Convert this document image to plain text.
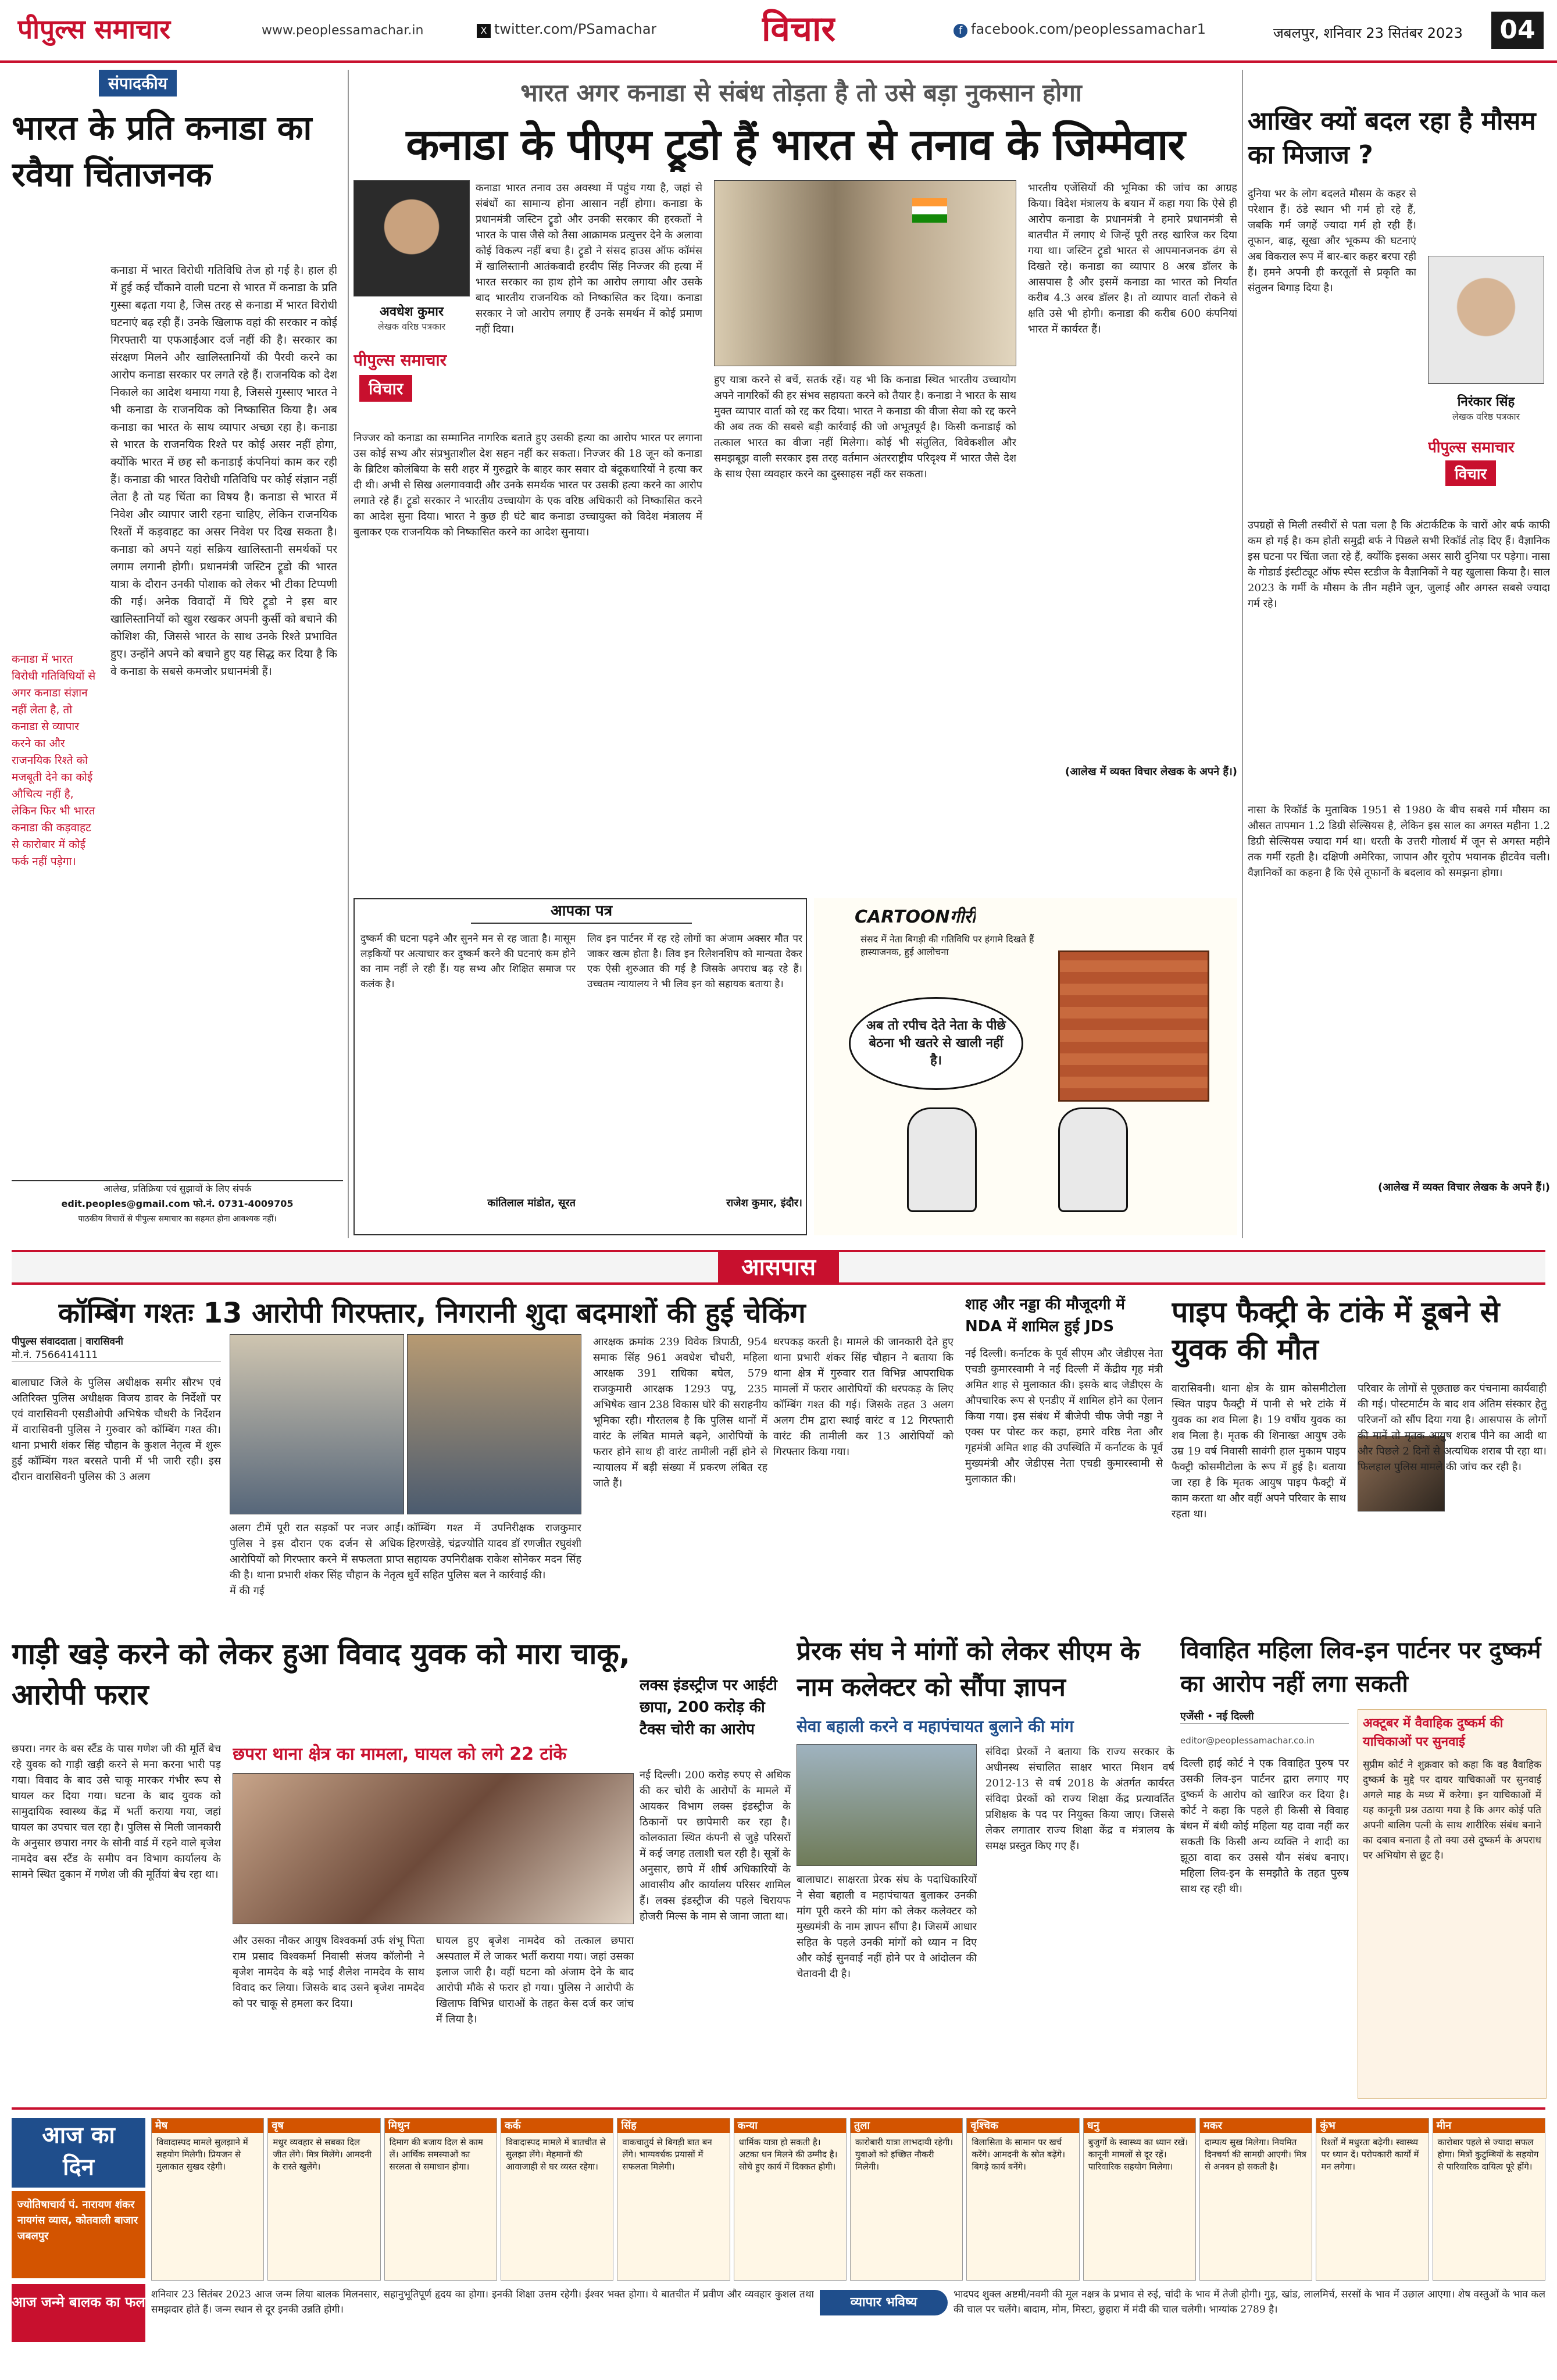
पीपुल्स समाचार	www.peoplessamachar.in	X twitter.com/PSamachar	विचार	f facebook.com/peoplessamachar1	जबलपुर, शनिवार 23 सितंबर 2023	04
संपादकीय
भारत के प्रति कनाडा का रवैया चिंताजनक
कनाडा में भारत विरोधी गतिविधियों से अगर कनाडा संज्ञान नहीं लेता है, तो कनाडा से व्यापार करने का और राजनयिक रिश्ते को मजबूती देने का कोई औचित्य नहीं है, लेकिन फिर भी भारत कनाडा की कड़वाहट से कारोबार में कोई फर्क नहीं पड़ेगा।
कनाडा में भारत विरोधी गतिविधि तेज हो गई है। हाल ही में हुई कई चौंकाने वाली घटना से भारत में कनाडा के प्रति गुस्सा बढ़ता गया है, जिस तरह से कनाडा में भारत विरोधी घटनाएं बढ़ रही हैं। उनके खिलाफ वहां की सरकार न कोई गिरफ्तारी या एफआईआर दर्ज नहीं की है। सरकार का संरक्षण मिलने और खालिस्तानियों की पैरवी करने का आरोप कनाडा सरकार पर लगते रहे हैं। राजनयिक को देश निकाले का आदेश थमाया गया है, जिससे गुस्साए भारत ने भी कनाडा के राजनयिक को निष्कासित किया है। अब कनाडा का भारत के साथ व्यापार अच्छा रहा है। कनाडा से भारत के राजनयिक रिश्ते पर कोई असर नहीं होगा, क्योंकि भारत में छह सौ कनाडाई कंपनियां काम कर रही हैं। कनाडा की भारत विरोधी गतिविधि पर कोई संज्ञान नहीं लेता है तो यह चिंता का विषय है। कनाडा से भारत में निवेश और व्यापार जारी रहना चाहिए, लेकिन राजनयिक रिश्तों में कड़वाहट का असर निवेश पर दिख सकता है। कनाडा को अपने यहां सक्रिय खालिस्तानी समर्थकों पर लगाम लगानी होगी। प्रधानमंत्री जस्टिन ट्रूडो की भारत यात्रा के दौरान उनकी पोशाक को लेकर भी टीका टिप्पणी की गई। अनेक विवादों में घिरे ट्रूडो ने इस बार खालिस्तानियों को खुश रखकर अपनी कुर्सी को बचाने की कोशिश की, जिससे भारत के साथ उनके रिश्ते प्रभावित हुए। उन्होंने अपने को बचाने हुए यह सिद्ध कर दिया है कि वे कनाडा के सबसे कमजोर प्रधानमंत्री हैं।
आलेख, प्रतिक्रिया एवं सुझावों के लिए संपर्क
edit.peoples@gmail.com फो.नं. 0731-4009705
पाठकीय विचारों से पीपुल्स समाचार का सहमत होना आवश्यक नहीं।
भारत अगर कनाडा से संबंध तोड़ता है तो उसे बड़ा नुकसान होगा
कनाडा के पीएम ट्रूडो हैं भारत से तनाव के जिम्मेवार
अवधेश कुमार
लेखक वरिष्ठ पत्रकार
पीपुल्स समाचार
विचार
कनाडा भारत तनाव उस अवस्था में पहुंच गया है, जहां से संबंधों का सामान्य होना आसान नहीं होगा। कनाडा के प्रधानमंत्री जस्टिन ट्रूडो और उनकी सरकार की हरकतों ने भारत के पास जैसे को तैसा आक्रामक प्रत्युत्तर देने के अलावा कोई विकल्प नहीं बचा है। ट्रूडो ने संसद हाउस ऑफ कॉमंस में खालिस्तानी आतंकवादी हरदीप सिंह निज्जर की हत्या में भारत सरकार का हाथ होने का आरोप लगाया और उसके बाद भारतीय राजनयिक को निष्कासित कर दिया। कनाडा सरकार ने जो आरोप लगाए हैं उनके समर्थन में कोई प्रमाण नहीं दिया।
निज्जर को कनाडा का सम्मानित नागरिक बताते हुए उसकी हत्या का आरोप भारत पर लगाना उस कोई सभ्य और संप्रभुताशील देश सहन नहीं कर सकता। निज्जर की 18 जून को कनाडा के ब्रिटिश कोलंबिया के सरी शहर में गुरुद्वारे के बाहर कार सवार दो बंदूकधारियों ने हत्या कर दी थी। अभी से सिख अलगाववादी और उनके समर्थक भारत पर उसकी हत्या करने का आरोप लगाते रहे हैं। ट्रूडो सरकार ने भारतीय उच्चायोग के एक वरिष्ठ अधिकारी को निष्कासित करने का आदेश सुना दिया। भारत ने कुछ ही घंटे बाद कनाडा उच्चायुक्त को विदेश मंत्रालय में बुलाकर एक राजनयिक को निष्कासित करने का आदेश सुनाया।
हुए यात्रा करने से बचें, सतर्क रहें। यह भी कि कनाडा स्थित भारतीय उच्चायोग अपने नागरिकों की हर संभव सहायता करने को तैयार है। कनाडा ने भारत के साथ मुक्त व्यापार वार्ता को रद्द कर दिया। भारत ने कनाडा की वीजा सेवा को रद्द करने की अब तक की सबसे बड़ी कार्रवाई की जो अभूतपूर्व है। किसी कनाडाई को तत्काल भारत का वीजा नहीं मिलेगा। कोई भी संतुलित, विवेकशील और समझबूझ वाली सरकार इस तरह वर्तमान अंतरराष्ट्रीय परिदृश्य में भारत जैसे देश के साथ ऐसा व्यवहार करने का दुस्साहस नहीं कर सकता।
भारतीय एजेंसियों की भूमिका की जांच का आग्रह किया। विदेश मंत्रालय के बयान में कहा गया कि ऐसे ही आरोप कनाडा के प्रधानमंत्री ने हमारे प्रधानमंत्री से बातचीत में लगाए थे जिन्हें पूरी तरह खारिज कर दिया गया था। जस्टिन ट्रूडो भारत से आपमानजनक ढंग से दिखते रहे। कनाडा का व्यापार 8 अरब डॉलर के आसपास है और इसमें कनाडा का भारत को निर्यात करीब 4.3 अरब डॉलर है। तो व्यापार वार्ता रोकने से क्षति उसे भी होगी। कनाडा की करीब 600 कंपनियां भारत में कार्यरत हैं।
(आलेख में व्यक्त विचार लेखक के अपने हैं।)
आपका पत्र
दुष्कर्म की घटना पढ़ने और सुनने मन से रह जाता है। मासूम लड़कियों पर अत्याचार कर दुष्कर्म करने की घटनाएं कम होने का नाम नहीं ले रही हैं। यह सभ्य और शिक्षित समाज पर कलंक है।
कांतिलाल मांडोत, सूरत
लिव इन पार्टनर में रह रहे लोगों का अंजाम अक्सर मौत पर जाकर खत्म होता है। लिव इन रिलेशनशिप को मान्यता देकर एक ऐसी शुरुआत की गई है जिसके अपराध बढ़ रहे हैं। उच्चतम न्यायालय ने भी लिव इन को सहायक बताया है।
राजेश कुमार, इंदौर।
CARTOONगीरी
संसद में नेता बिगड़ी की गतिविधि पर हंगामे दिखते हैं हास्याजनक, हुई आलोचना
अब तो रपीच देते नेता के पीछे बेठना भी खतरे से खाली नहीं है।
आखिर क्यों बदल रहा है मौसम का मिजाज ?
दुनिया भर के लोग बदलते मौसम के कहर से परेशान हैं। ठंडे स्थान भी गर्म हो रहे हैं, जबकि गर्म जगहें ज्यादा गर्म हो रही हैं। तूफान, बाढ़, सूखा और भूकम्प की घटनाएं अब विकराल रूप में बार-बार कहर बरपा रही हैं। हमने अपनी ही करतूतों से प्रकृति का संतुलन बिगाड़ दिया है।
निरंकार सिंह
लेखक वरिष्ठ पत्रकार
पीपुल्स समाचार
विचार
उपग्रहों से मिली तस्वीरों से पता चला है कि अंटार्कटिक के चारों ओर बर्फ काफी कम हो गई है। कम होती समुद्री बर्फ ने पिछले सभी रिकॉर्ड तोड़ दिए हैं। वैज्ञानिक इस घटना पर चिंता जता रहे हैं, क्योंकि इसका असर सारी दुनिया पर पड़ेगा। नासा के गोडार्ड इंस्टीट्यूट ऑफ स्पेस स्टडीज के वैज्ञानिकों ने यह खुलासा किया है। साल 2023 के गर्मी के मौसम के तीन महीने जून, जुलाई और अगस्त सबसे ज्यादा गर्म रहे।
नासा के रिकॉर्ड के मुताबिक 1951 से 1980 के बीच सबसे गर्म मौसम का औसत तापमान 1.2 डिग्री सेल्सियस है, लेकिन इस साल का अगस्त महीना 1.2 डिग्री सेल्सियस ज्यादा गर्म था। धरती के उत्तरी गोलार्ध में जून से अगस्त महीने तक गर्मी रहती है। दक्षिणी अमेरिका, जापान और यूरोप भयानक हीटवेव चली। वैज्ञानिकों का कहना है कि ऐसे तूफानों के बदलाव को समझना होगा।
(आलेख में व्यक्त विचार लेखक के अपने हैं।)
आसपास
कॉम्बिंग गश्तः 13 आरोपी गिरफ्तार, निगरानी शुदा बदमाशों की हुई चेकिंग
पीपुल्स संवाददाता | वारासिवनी
मो.नं. 7566414111
बालाघाट जिले के पुलिस अधीक्षक समीर सौरभ एवं अतिरिक्त पुलिस अधीक्षक विजय डावर के निर्देशों पर एवं वारासिवनी एसडीओपी अभिषेक चौधरी के निर्देशन में वारासिवनी पुलिस ने गुरुवार को कॉम्बिंग गश्त की। थाना प्रभारी शंकर सिंह चौहान के कुशल नेतृत्व में शुरू हुई कॉम्बिंग गश्त बरसते पानी में भी जारी रही। इस दौरान वारासिवनी पुलिस की 3 अलग
अलग टीमें पूरी रात सड़कों पर नजर आईं। पुलिस ने इस दौरान एक दर्जन से अधिक आरोपियों को गिरफ्तार करने में सफलता प्राप्त की है। थाना प्रभारी शंकर सिंह चौहान के नेतृत्व में की गई
कॉम्बिंग गश्त में उपनिरीक्षक राजकुमार हिरणखेड़े, चंद्रज्योति यादव डॉ रणजीत रघुवंशी सहायक उपनिरीक्षक राकेश सोनेकर मदन सिंह धुर्वे सहित पुलिस बल ने कार्रवाई की।
आरक्षक क्रमांक 239 विवेक त्रिपाठी, 954 समाक सिंह 961 अवधेश चौधरी, महिला आरक्षक 391 राधिका बघेल, 579 राजकुमारी आरक्षक 1293 पपू, 235 अभिषेक खान 238 विकास घोरे की सराहनीय भूमिका रही। गौरतलब है कि पुलिस थानों में वारंट के लंबित मामले बढ़ने, आरोपियों के फरार होने साथ ही वारंट तामीली नहीं होने से न्यायालय में बड़ी संख्या में प्रकरण लंबित रह जाते हैं।
धरपकड़ करती है। मामले की जानकारी देते हुए थाना प्रभारी शंकर सिंह चौहान ने बताया कि थाना क्षेत्र में गुरुवार रात विभिन्न आपराधिक मामलों में फरार आरोपियों की धरपकड़ के लिए कॉम्बिंग गश्त की गई। जिसके तहत 3 अलग अलग टीम द्वारा स्थाई वारंट व 12 गिरफ्तारी वारंट की तामीली कर 13 आरोपियों को गिरफ्तार किया गया।
शाह और नड्डा की मौजूदगी में NDA में शामिल हुई JDS
नई दिल्ली। कर्नाटक के पूर्व सीएम और जेडीएस नेता एचडी कुमारस्वामी ने नई दिल्ली में केंद्रीय गृह मंत्री अमित शाह से मुलाकात की। इसके बाद जेडीएस के औपचारिक रूप से एनडीए में शामिल होने का ऐलान किया गया। इस संबंध में बीजेपी चीफ जेपी नड्डा ने एक्स पर पोस्ट कर कहा, हमारे वरिष्ठ नेता और गृहमंत्री अमित शाह की उपस्थिति में कर्नाटक के पूर्व मुख्यमंत्री और जेडीएस नेता एचडी कुमारस्वामी से मुलाकात की।
पाइप फैक्ट्री के टांके में डूबने से युवक की मौत
वारासिवनी। थाना क्षेत्र के ग्राम कोसमीटोला स्थित पाइप फैक्ट्री में पानी से भरे टांके में युवक का शव मिला है। 19 वर्षीय युवक का शव मिला है। मृतक की शिनाख्त आयुष उके उम्र 19 वर्ष निवासी सावंगी हाल मुकाम पाइप फैक्ट्री कोसमीटोला के रूप में हुई है। बताया जा रहा है कि मृतक आयुष पाइप फैक्ट्री में काम करता था और वहीं अपने परिवार के साथ रहता था।
परिवार के लोगों से पूछताछ कर पंचनामा कार्यवाही की गई। पोस्टमार्टम के बाद शव अंतिम संस्कार हेतु परिजनों को सौंप दिया गया है। आसपास के लोगों की मानें तो मृतक आयुष शराब पीने का आदी था और पिछले 2 दिनों से अत्यधिक शराब पी रहा था। फिलहाल पुलिस मामले की जांच कर रही है।
गाड़ी खड़े करने को लेकर हुआ विवाद युवक को मारा चाकू, आरोपी फरार
छपरा थाना क्षेत्र का मामला, घायल को लगे 22 टांके
छपरा। नगर के बस स्टैंड के पास गणेश जी की मूर्ति बेच रहे युवक को गाड़ी खड़ी करने से मना करना भारी पड़ गया। विवाद के बाद उसे चाकू मारकर गंभीर रूप से घायल कर दिया गया। घटना के बाद युवक को सामुदायिक स्वास्थ्य केंद्र में भर्ती कराया गया, जहां घायल का उपचार चल रहा है। पुलिस से मिली जानकारी के अनुसार छपारा नगर के सोनी वार्ड में रहने वाले बृजेश नामदेव बस स्टैंड के समीप वन विभाग कार्यालय के सामने स्थित दुकान में गणेश जी की मूर्तियां बेच रहा था।
और उसका नौकर आयुष विश्वकर्मा उर्फ शंभू पिता राम प्रसाद विश्वकर्मा निवासी संजय कॉलोनी ने बृजेश नामदेव के बड़े भाई शैलेश नामदेव के साथ विवाद कर लिया। जिसके बाद उसने बृजेश नामदेव को पर चाकू से हमला कर दिया।
घायल हुए बृजेश नामदेव को तत्काल छपारा अस्पताल में ले जाकर भर्ती कराया गया। जहां उसका इलाज जारी है। वहीं घटना को अंजाम देने के बाद आरोपी मौके से फरार हो गया। पुलिस ने आरोपी के खिलाफ विभिन्न धाराओं के तहत केस दर्ज कर जांच में लिया है।
लक्स इंडस्ट्रीज पर आईटी छापा, 200 करोड़ की टैक्स चोरी का आरोप
नई दिल्ली। 200 करोड़ रुपए से अधिक की कर चोरी के आरोपों के मामले में आयकर विभाग लक्स इंडस्ट्रीज के ठिकानों पर छापेमारी कर रहा है। कोलकाता स्थित कंपनी से जुड़े परिसरों में कई जगह तलाशी चल रही है। सूत्रों के अनुसार, छापे में शीर्ष अधिकारियों के आवासीय और कार्यालय परिसर शामिल हैं। लक्स इंडस्ट्रीज की पहले चिरायफ होजरी मिल्स के नाम से जाना जाता था।
प्रेरक संघ ने मांगों को लेकर सीएम के नाम कलेक्टर को सौंपा ज्ञापन
सेवा बहाली करने व महापंचायत बुलाने की मांग
बालाघाट। साक्षरता प्रेरक संघ के पदाधिकारियों ने सेवा बहाली व महापंचायत बुलाकर उनकी मांग पूरी करने की मांग को लेकर कलेक्टर को मुख्यमंत्री के नाम ज्ञापन सौंपा है। जिसमें आधार सहित के पहले उनकी मांगों को ध्यान न दिए और कोई सुनवाई नहीं होने पर वे आंदोलन की चेतावनी दी है।
संविदा प्रेरकों ने बताया कि राज्य सरकार के अधीनस्थ संचालित साक्षर भारत मिशन वर्ष 2012-13 से वर्ष 2018 के अंतर्गत कार्यरत संविदा प्रेरकों को राज्य शिक्षा केंद्र प्रत्यावर्तित प्रशिक्षक के पद पर नियुक्त किया जाए। जिससे लेकर लगातार राज्य शिक्षा केंद्र व मंत्रालय के समक्ष प्रस्तुत किए गए हैं।
विवाहित महिला लिव-इन पार्टनर पर दुष्कर्म का आरोप नहीं लगा सकती
एजेंसी • नई दिल्ली
editor@peoplessamachar.co.in
दिल्ली हाई कोर्ट ने एक विवाहित पुरुष पर उसकी लिव-इन पार्टनर द्वारा लगाए गए दुष्कर्म के आरोप को खारिज कर दिया है। कोर्ट ने कहा कि पहले ही किसी से विवाह बंधन में बंधी कोई महिला यह दावा नहीं कर सकती कि किसी अन्य व्यक्ति ने शादी का झूठा वादा कर उससे यौन संबंध बनाए। महिला लिव-इन के समझौते के तहत पुरुष साथ रह रही थी।
अक्टूबर में वैवाहिक दुष्कर्म की याचिकाओं पर सुनवाई
सुप्रीम कोर्ट ने शुक्रवार को कहा कि वह वैवाहिक दुष्कर्म के मुद्दे पर दायर याचिकाओं पर सुनवाई अगले माह के मध्य में करेगा। इन याचिकाओं में यह कानूनी प्रश्न उठाया गया है कि अगर कोई पति अपनी बालिग पत्नी के साथ शारीरिक संबंध बनाने का दबाव बनाता है तो क्या उसे दुष्कर्म के अपराध पर अभियोग से छूट है।
आज का
दिन
ज्योतिषाचार्य पं. नारायण शंकर नायगंस व्यास, कोतवाली बाजार जबलपुर
मेष
विवादास्पद मामले सुलझाने में सहयोग मिलेगी। प्रियजन से मुलाकात सुखद रहेगी।
वृष
मधुर व्यवहार से सबका दिल जीत लेंगे। मित्र मिलेंगे। आमदनी के रास्ते खुलेंगे।
मिथुन
दिमाग की बजाय दिल से काम लें। आर्थिक समस्याओं का सरलता से समाधान होगा।
कर्क
विवादास्पद मामले में बातचीत से सुलझा लेंगे। मेहमानों की आवाजाही से घर व्यस्त रहेगा।
सिंह
वाकचातुर्य से बिगड़ी बात बन लेंगे। भाग्यवर्धक प्रयासों में सफलता मिलेगी।
कन्या
धार्मिक यात्रा हो सकती है। अटका धन मिलने की उम्मीद है। सोचे हुए कार्य में दिक्कत होगी।
तुला
कारोबारी यात्रा लाभदायी रहेगी। युवाओं को इच्छित नौकरी मिलेगी।
वृश्चिक
विलासिता के सामान पर खर्च करेंगे। आमदनी के स्रोत बढ़ेंगे। बिगड़े कार्य बनेंगे।
धनु
बुजुर्गों के स्वास्थ्य का ध्यान रखें। कानूनी मामलों से दूर रहें। पारिवारिक सहयोग मिलेगा।
मकर
दाम्पत्य सुख मिलेगा। नियमित दिनचर्या की सामग्री आएगी। मित्र से अनबन हो सकती है।
कुंभ
रिश्तों में मधुरता बढ़ेगी। स्वास्थ्य पर ध्यान दें। परोपकारी कार्यों में मन लगेगा।
मीन
कारोबार पहले से ज्यादा सफल होगा। मित्रों कुटुम्बियों के सहयोग से पारिवारिक दायित्व पूरे होंगे।
आज जन्मे बालक का फल शनिवार 23 सितंबर 2023 आज जन्म लिया बालक मिलनसार, सहानुभूतिपूर्ण हृदय का होगा। इनकी शिक्षा उत्तम रहेगी। ईश्वर भक्त होगा। ये बातचीत में प्रवीण और व्यवहार कुशल तथा समझदार होते हैं। जन्म स्थान से दूर इनकी उन्नति होगी।	व्यापार भविष्य
भादपद शुक्ल अष्टमी/नवमी की मूल नक्षत्र के प्रभाव से रुई, चांदी के भाव में तेजी होगी। गुड़, खांड, लालमिर्च, सरसों के भाव में उछाल आएगा। शेष वस्तुओं के भाव कल की चाल पर चलेंगे। बादाम, मोम, मिस्टा, छुहारा में मंदी की चाल चलेगी। भाग्यांक 2789 है।
